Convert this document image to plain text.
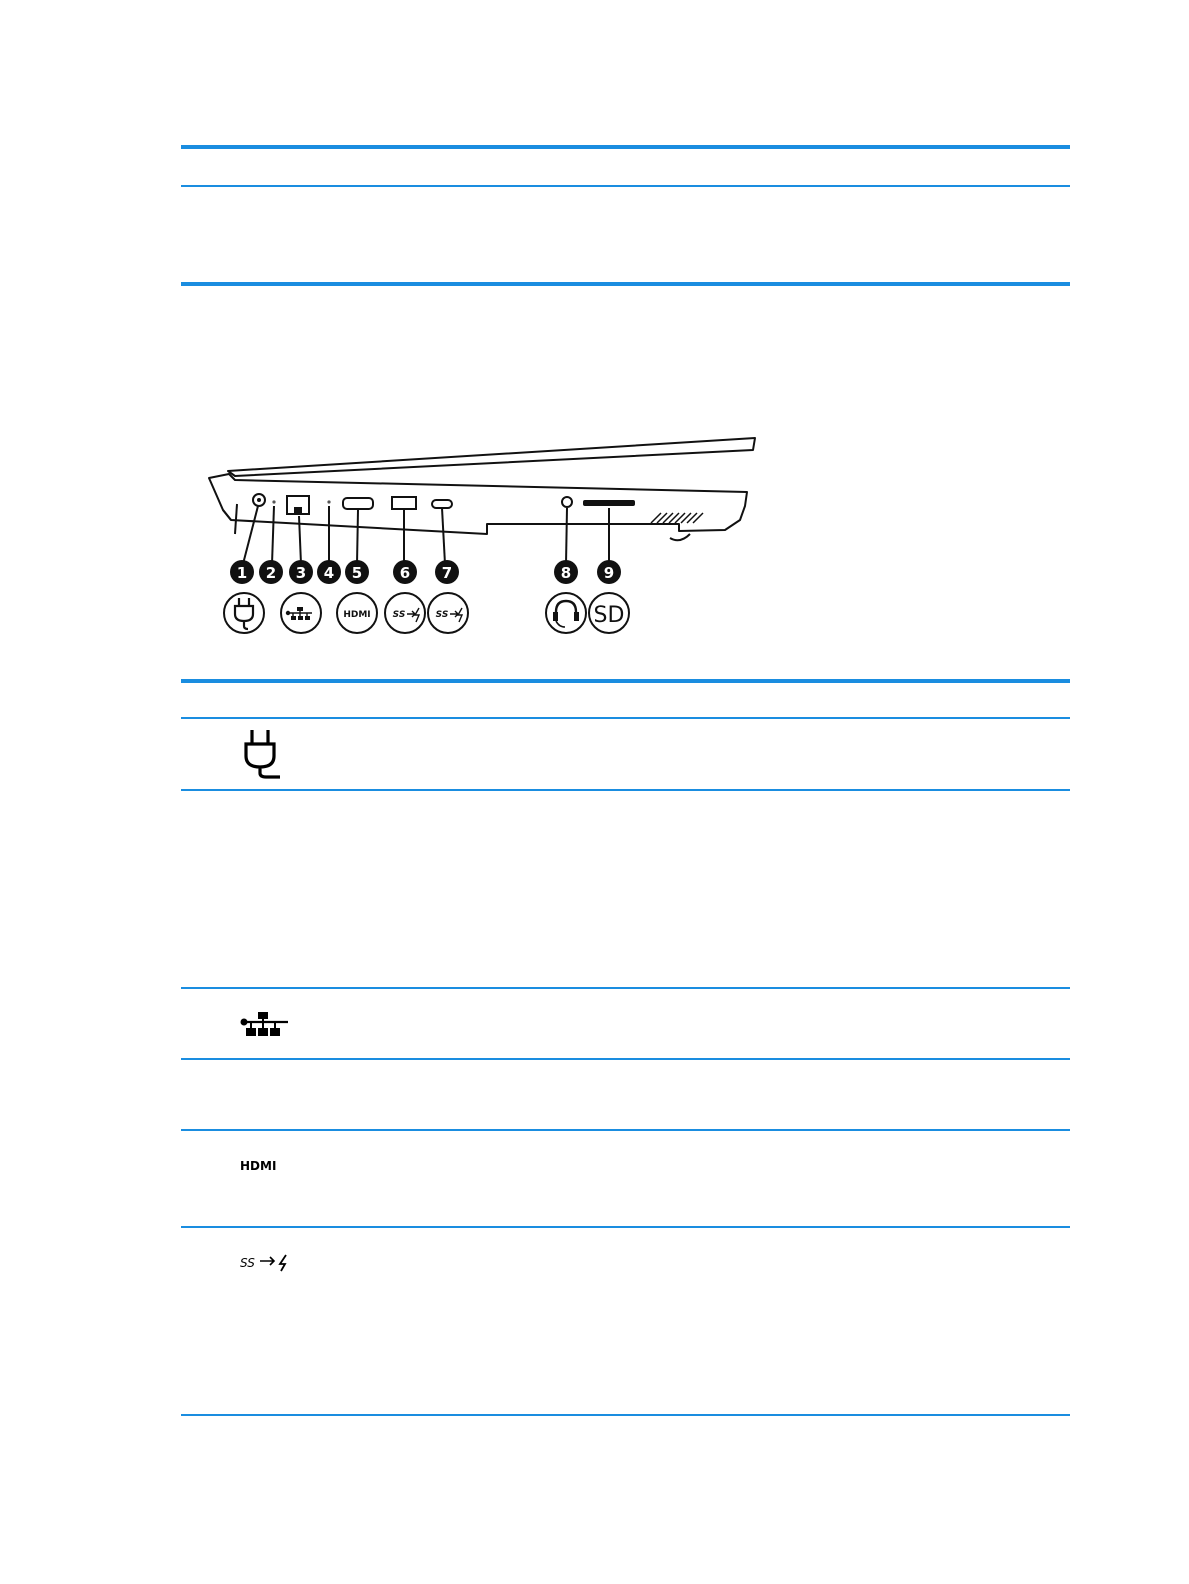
1 2 3 4 5	6 7	8 9
HDMI SS	SS	SD
HDMI
SS
